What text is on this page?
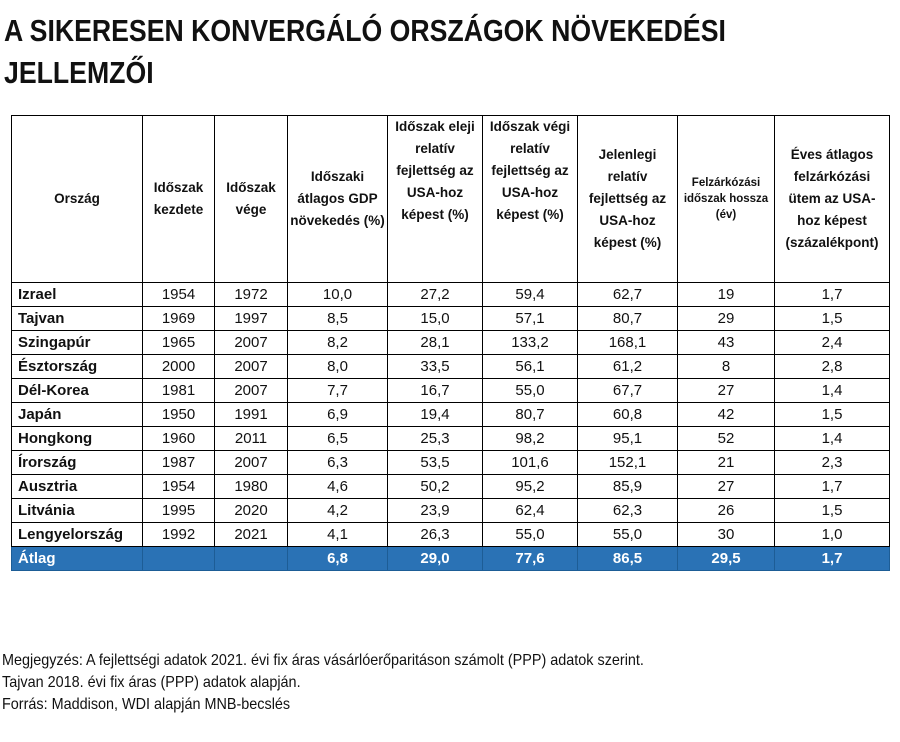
A SIKERESEN KONVERGÁLÓ ORSZÁGOK NÖVEKEDÉSI
JELLEMZŐI
Ország	Időszak kezdete	Időszak vége	Időszaki átlagos GDP növekedés (%)	Időszak eleji relatív fejlettség az USA-hoz képest (%)	Időszak végi relatív fejlettség az USA-hoz képest (%)	Jelenlegi relatív fejlettség az USA-hoz képest (%)	Felzárkózási időszak hossza (év)	Éves átlagos felzárkózási ütem az USA-hoz képest (százalékpont)
Izrael	1954	1972	10,0	27,2	59,4	62,7	19	1,7
Tajvan	1969	1997	8,5	15,0	57,1	80,7	29	1,5
Szingapúr	1965	2007	8,2	28,1	133,2	168,1	43	2,4
Észtország	2000	2007	8,0	33,5	56,1	61,2	8	2,8
Dél-Korea	1981	2007	7,7	16,7	55,0	67,7	27	1,4
Japán	1950	1991	6,9	19,4	80,7	60,8	42	1,5
Hongkong	1960	2011	6,5	25,3	98,2	95,1	52	1,4
Írország	1987	2007	6,3	53,5	101,6	152,1	21	2,3
Ausztria	1954	1980	4,6	50,2	95,2	85,9	27	1,7
Litvánia	1995	2020	4,2	23,9	62,4	62,3	26	1,5
Lengyelország	1992	2021	4,1	26,3	55,0	55,0	30	1,0
Átlag			6,8	29,0	77,6	86,5	29,5	1,7
Megjegyzés: A fejlettségi adatok 2021. évi fix áras vásárlóerőparitáson számolt (PPP) adatok szerint.
Tajvan 2018. évi fix áras (PPP) adatok alapján.
Forrás: Maddison, WDI alapján MNB-becslés
